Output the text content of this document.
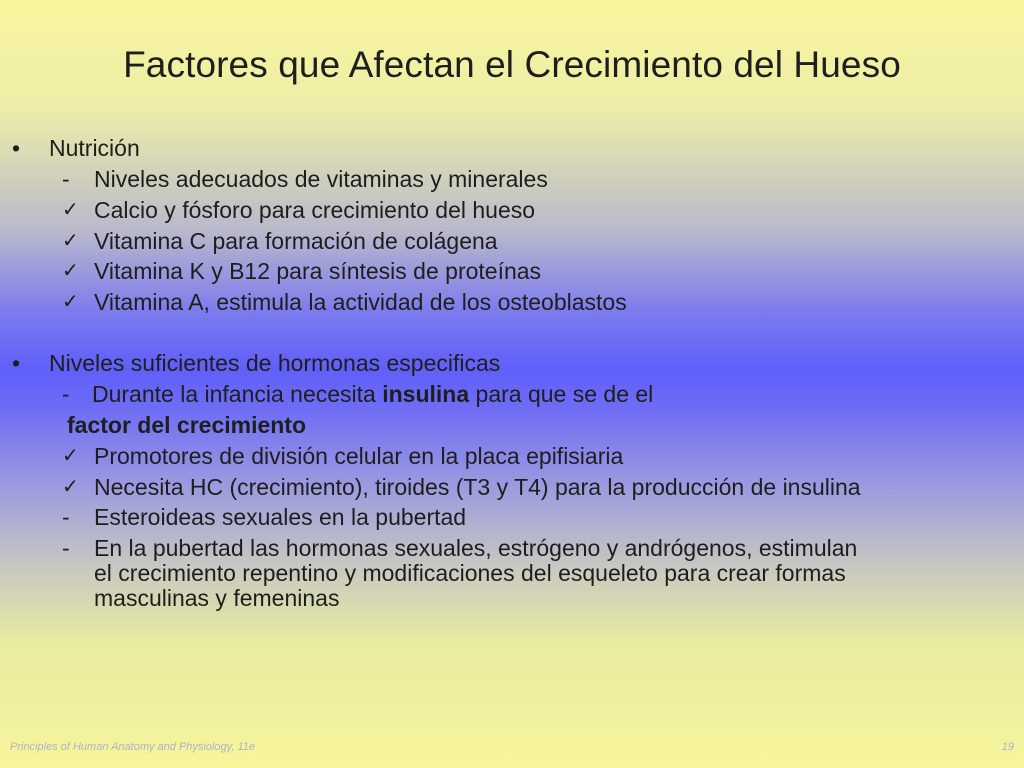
Factores que Afectan el Crecimiento del Hueso
• Nutrición
- Niveles adecuados de vitaminas y minerales
✓ Calcio y fósforo para crecimiento del hueso
✓ Vitamina C para formación de colágena
✓ Vitamina K y B12 para síntesis de proteínas
✓ Vitamina A, estimula la actividad de los osteoblastos
• Niveles suficientes de hormonas especificas
- Durante la infancia necesita insulina para que se de el
factor del crecimiento
✓ Promotores de división celular en la placa epifisiaria
✓ Necesita HC (crecimiento), tiroides (T3 y T4) para la producción de insulina
- Esteroideas sexuales en la pubertad
- En la pubertad las hormonas sexuales, estrógeno y andrógenos, estimulan
el crecimiento repentino y modificaciones del esqueleto para crear formas
masculinas y femeninas
Principles of Human Anatomy and Physiology, 11e	19
